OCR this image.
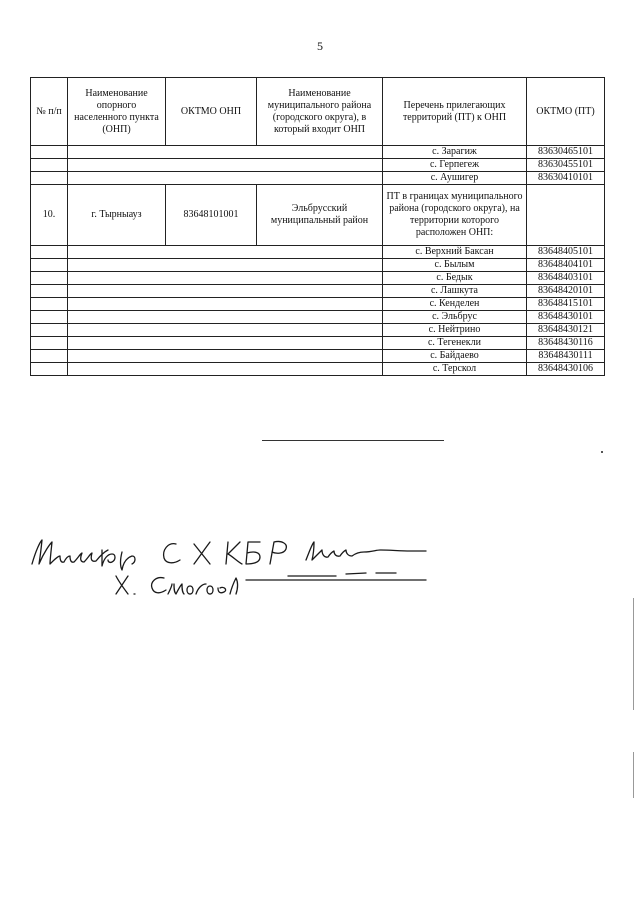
5
№ п/п	Наименование опорного населенного пункта (ОНП)	ОКТМО ОНП	Наименование муниципального района (городского округа), в который входит ОНП	Перечень прилегающих территорий (ПТ) к ОНП	ОКТМО (ПТ)
				с. Зарагиж	83630465101
				с. Герпегеж	83630455101
				с. Аушигер	83630410101
10.	г. Тырныауз	83648101001	Эльбрусский муниципальный район	ПТ в границах муниципального района (городского округа), на территории которого расположен ОНП:	
				с. Верхний Баксан	83648405101
				с. Былым	83648404101
				с. Бедык	83648403101
				с. Лашкута	83648420101
				с. Кенделен	83648415101
				с. Эльбрус	83648430101
				с. Нейтрино	83648430121
				с. Тегенекли	83648430116
				с. Байдаево	83648430111
				с. Терскол	83648430106
